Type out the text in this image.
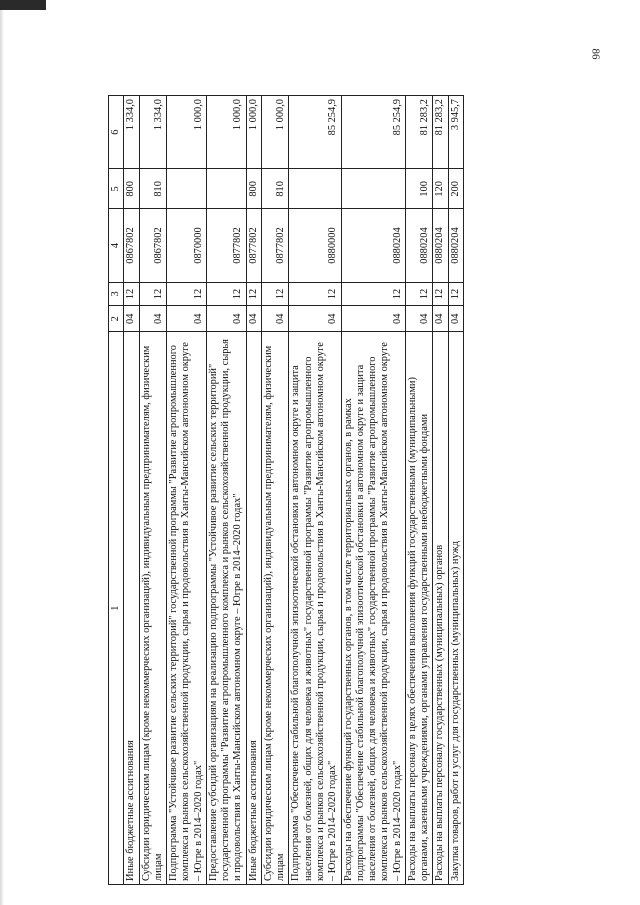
86
1	2	3	4	5	6
Иные бюджетные ассигнования	04	12	0867802	800	1 334,0
Субсидии юридическим лицам (кроме некоммерческих организаций), индивидуальным предпринимателям, физическим лицам	04	12	0867802	810	1 334,0
Подпрограмма "Устойчивое развитие сельских территорий" государственной программы "Развитие агропромышленного комплекса и рынков сельскохозяйственной продукции, сырья и продовольствия в Ханты-Мансийском автономном округе – Югре в 2014–2020 годах"	04	12	0870000		1 000,0
Предоставление субсидий организациям на реализацию подпрограммы "Устойчивое развитие сельских территорий" государственной программы "Развитие агропромышленного комплекса и рынков сельскохозяйственной продукции, сырья и продовольствия в Ханты-Мансийском автономном округе – Югре в 2014–2020 годах"	04	12	0877802		1 000,0
Иные бюджетные ассигнования	04	12	0877802	800	1 000,0
Субсидии юридическим лицам (кроме некоммерческих организаций), индивидуальным предпринимателям, физическим лицам	04	12	0877802	810	1 000,0
Подпрограмма "Обеспечение стабильной благополучной эпизоотической обстановки в автономном округе и защита населения от болезней, общих для человека и животных" государственной программы "Развитие агропромышленного комплекса и рынков сельскохозяйственной продукции, сырья и продовольствия в Ханты-Мансийском автономном округе – Югре в 2014–2020 годах"	04	12	0880000		85 254,9
Расходы на обеспечение функций государственных органов, в том числе территориальных органов, в рамках подпрограммы "Обеспечение стабильной благополучной эпизоотической обстановки в автономном округе и защита населения от болезней, общих для человека и животных" государственной программы "Развитие агропромышленного комплекса и рынков сельскохозяйственной продукции, сырья и продовольствия в Ханты-Мансийском автономном округе – Югре в 2014–2020 годах"	04	12	0880204		85 254,9
Расходы на выплаты персоналу в целях обеспечения выполнения функций государственными (муниципальными) органами, казенными учреждениями, органами управления государственными внебюджетными фондами	04	12	0880204	100	81 283,2
Расходы на выплаты персоналу государственных (муниципальных) органов	04	12	0880204	120	81 283,2
Закупка товаров, работ и услуг для государственных (муниципальных) нужд	04	12	0880204	200	3 945,7
